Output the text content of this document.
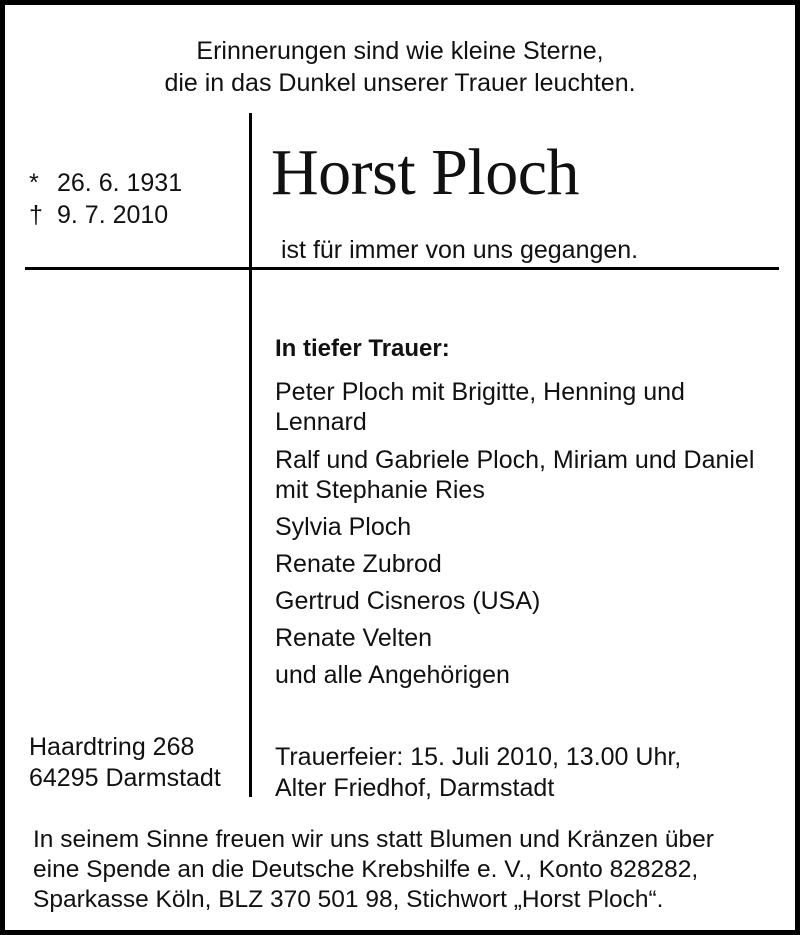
Erinnerungen sind wie kleine Sterne,
die in das Dunkel unserer Trauer leuchten.
* 26. 6. 1931
† 9. 7. 2010
Horst Ploch
ist für immer von uns gegangen.
In tiefer Trauer:

Peter Ploch mit Brigitte, Henning und

Lennard

Ralf und Gabriele Ploch, Miriam und Daniel

mit Stephanie Ries

Sylvia Ploch

Renate Zubrod

Gertrud Cisneros (USA)

Renate Velten

und alle Angehörigen

Haardtring 268
64295 Darmstadt
Trauerfeier: 15. Juli 2010, 13.00 Uhr,
Alter Friedhof, Darmstadt
In seinem Sinne freuen wir uns statt Blumen und Kränzen über
eine Spende an die Deutsche Krebshilfe e. V., Konto 828282,
Sparkasse Köln, BLZ 370 501 98, Stichwort „Horst Ploch“.
